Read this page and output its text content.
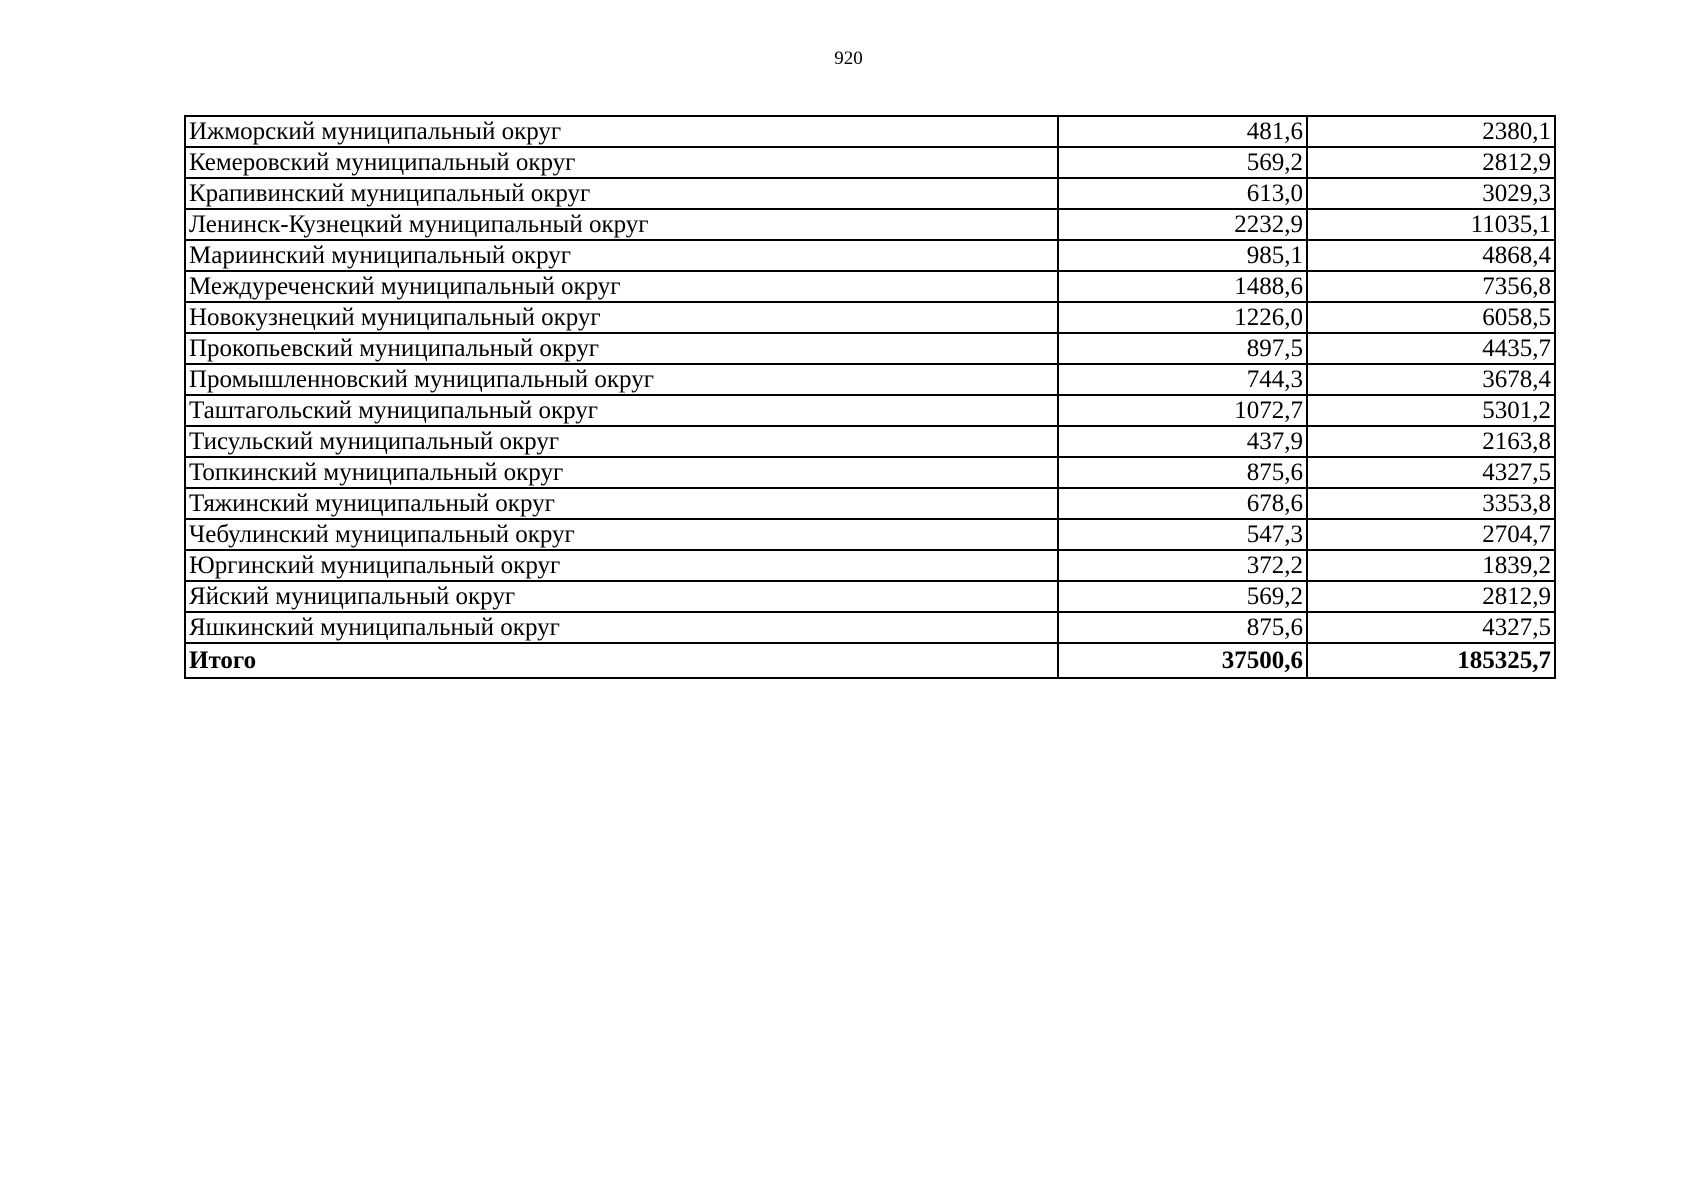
920
Ижморский муниципальный округ	481,6	2380,1
Кемеровский муниципальный округ	569,2	2812,9
Крапивинский муниципальный округ	613,0	3029,3
Ленинск-Кузнецкий муниципальный округ	2232,9	11035,1
Мариинский муниципальный округ	985,1	4868,4
Междуреченский муниципальный округ	1488,6	7356,8
Новокузнецкий муниципальный округ	1226,0	6058,5
Прокопьевский муниципальный округ	897,5	4435,7
Промышленновский муниципальный округ	744,3	3678,4
Таштагольский муниципальный округ	1072,7	5301,2
Тисульский муниципальный округ	437,9	2163,8
Топкинский муниципальный округ	875,6	4327,5
Тяжинский муниципальный округ	678,6	3353,8
Чебулинский муниципальный округ	547,3	2704,7
Юргинский муниципальный округ	372,2	1839,2
Яйский муниципальный округ	569,2	2812,9
Яшкинский муниципальный округ	875,6	4327,5
Итого	37500,6	185325,7
